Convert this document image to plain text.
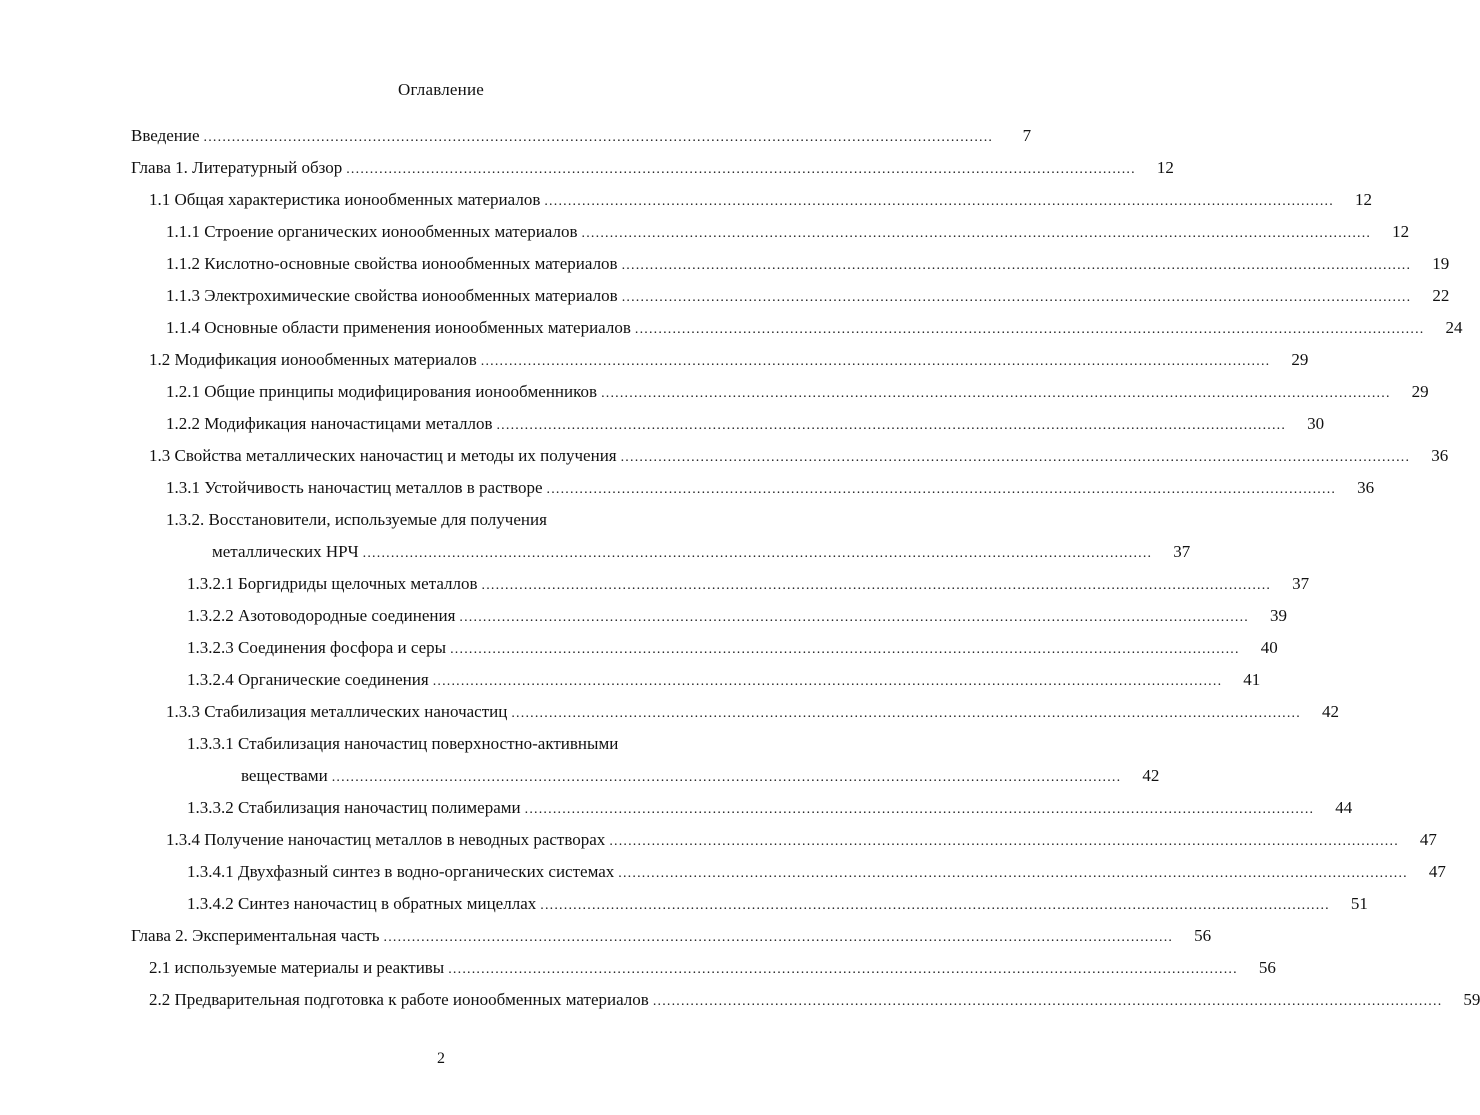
Оглавление
Введение ........................................................................................................................................................................	7
Глава 1. Литературный обзор ........................................................................................................................................................................	12
1.1 Общая характеристика ионообменных материалов ........................................................................................................................................................................	12
1.1.1 Строение органических ионообменных материалов ........................................................................................................................................................................	12
1.1.2 Кислотно-основные свойства ионообменных материалов ........................................................................................................................................................................	19
1.1.3 Электрохимические свойства ионообменных материалов ........................................................................................................................................................................	22
1.1.4 Основные области применения ионообменных материалов ........................................................................................................................................................................	24
1.2 Модификация ионообменных материалов ........................................................................................................................................................................	29
1.2.1 Общие принципы модифицирования ионообменников ........................................................................................................................................................................	29
1.2.2 Модификация наночастицами металлов ........................................................................................................................................................................	30
1.3 Свойства металлических наночастиц и методы их получения ........................................................................................................................................................................	36
1.3.1 Устойчивость наночастиц металлов в растворе ........................................................................................................................................................................	36
1.3.2. Восстановители, используемые для получения
металлических НРЧ ........................................................................................................................................................................	37
1.3.2.1 Боргидриды щелочных металлов ........................................................................................................................................................................	37
1.3.2.2 Азотоводородные соединения ........................................................................................................................................................................	39
1.3.2.3 Соединения фосфора и серы ........................................................................................................................................................................	40
1.3.2.4 Органические соединения ........................................................................................................................................................................	41
1.3.3 Стабилизация металлических наночастиц ........................................................................................................................................................................	42
1.3.3.1 Стабилизация наночастиц поверхностно-активными
веществами ........................................................................................................................................................................	42
1.3.3.2 Стабилизация наночастиц полимерами ........................................................................................................................................................................	44
1.3.4 Получение наночастиц металлов в неводных растворах ........................................................................................................................................................................	47
1.3.4.1 Двухфазный синтез в водно-органических системах ........................................................................................................................................................................	47
1.3.4.2 Синтез наночастиц в обратных мицеллах ........................................................................................................................................................................	51
Глава 2. Экспериментальная часть ........................................................................................................................................................................	56
2.1 используемые материалы и реактивы ........................................................................................................................................................................	56
2.2 Предварительная подготовка к работе ионообменных материалов ........................................................................................................................................................................	59
2
